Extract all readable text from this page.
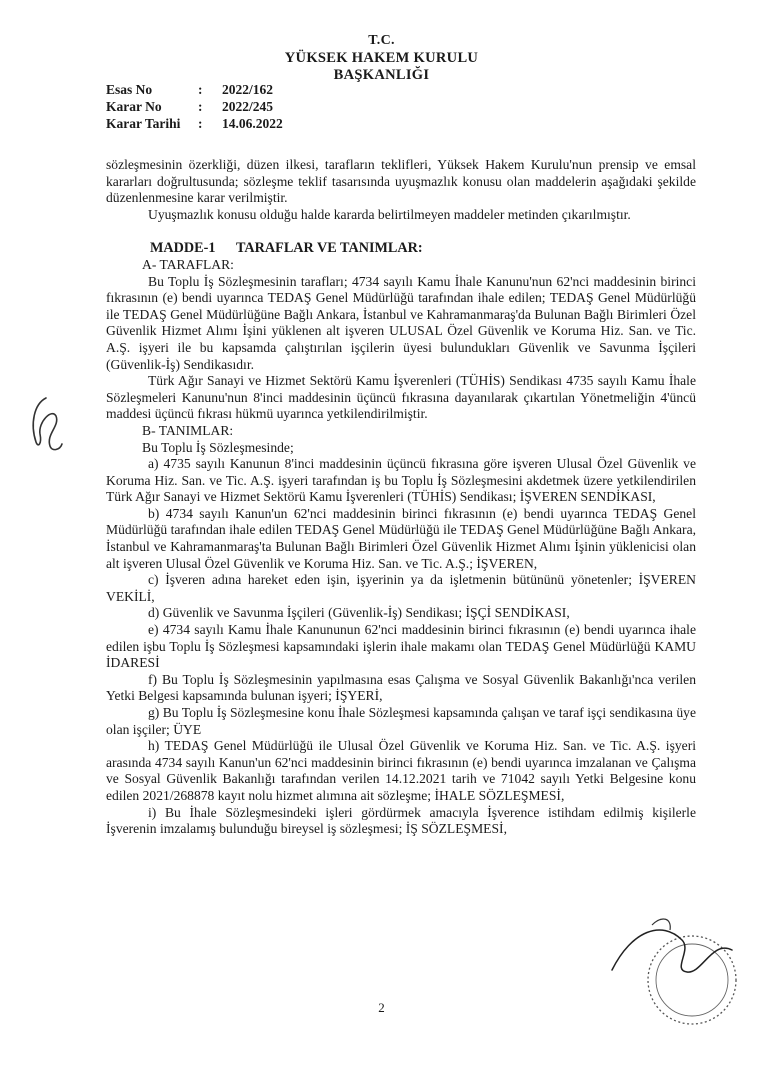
T.C.
YÜKSEK HAKEM KURULU
BAŞKANLIĞI
Esas No	: 2022/162
Karar No	: 2022/245
Karar Tarihi : 14.06.2022

sözleşmesinin özerkliği, düzen ilkesi, tarafların teklifleri, Yüksek Hakem Kurulu'nun prensip ve emsal kararları doğrultusunda; sözleşme teklif tasarısında uyuşmazlık konusu olan maddelerin aşağıdaki şekilde düzenlenmesine karar verilmiştir.

Uyuşmazlık konusu olduğu halde kararda belirtilmeyen maddeler metinden çıkarılmıştır.

MADDE-1 TARAFLAR VE TANIMLAR:

A- TARAFLAR:

Bu Toplu İş Sözleşmesinin tarafları; 4734 sayılı Kamu İhale Kanunu'nun 62'nci maddesinin birinci fıkrasının (e) bendi uyarınca TEDAŞ Genel Müdürlüğü tarafından ihale edilen; TEDAŞ Genel Müdürlüğü ile TEDAŞ Genel Müdürlüğüne Bağlı Ankara, İstanbul ve Kahramanmaraş'da Bulunan Bağlı Birimleri Özel Güvenlik Hizmet Alımı İşini yüklenen alt işveren ULUSAL Özel Güvenlik ve Koruma Hiz. San. ve Tic. A.Ş. işyeri ile bu kapsamda çalıştırılan işçilerin üyesi bulundukları Güvenlik ve Savunma İşçileri (Güvenlik-İş) Sendikasıdır.

Türk Ağır Sanayi ve Hizmet Sektörü Kamu İşverenleri (TÜHİS) Sendikası 4735 sayılı Kamu İhale Sözleşmeleri Kanunu'nun 8'inci maddesinin üçüncü fıkrasına dayanılarak çıkartılan Yönetmeliğin 4'üncü maddesi üçüncü fıkrası hükmü uyarınca yetkilendirilmiştir.

B- TANIMLAR:

Bu Toplu İş Sözleşmesinde;

a) 4735 sayılı Kanunun 8'inci maddesinin üçüncü fıkrasına göre işveren Ulusal Özel Güvenlik ve Koruma Hiz. San. ve Tic. A.Ş. işyeri tarafından iş bu Toplu İş Sözleşmesini akdetmek üzere yetkilendirilen Türk Ağır Sanayi ve Hizmet Sektörü Kamu İşverenleri (TÜHİS) Sendikası; İŞVEREN SENDİKASI,

b) 4734 sayılı Kanun'un 62'nci maddesinin birinci fıkrasının (e) bendi uyarınca TEDAŞ Genel Müdürlüğü tarafından ihale edilen TEDAŞ Genel Müdürlüğü ile TEDAŞ Genel Müdürlüğüne Bağlı Ankara, İstanbul ve Kahramanmaraş'ta Bulunan Bağlı Birimleri Özel Güvenlik Hizmet Alımı İşinin yüklenicisi olan alt işveren Ulusal Özel Güvenlik ve Koruma Hiz. San. ve Tic. A.Ş.; İŞVEREN,

c) İşveren adına hareket eden işin, işyerinin ya da işletmenin bütününü yönetenler; İŞVEREN VEKİLİ,

d) Güvenlik ve Savunma İşçileri (Güvenlik-İş) Sendikası; İŞÇİ SENDİKASI,

e) 4734 sayılı Kamu İhale Kanununun 62'nci maddesinin birinci fıkrasının (e) bendi uyarınca ihale edilen işbu Toplu İş Sözleşmesi kapsamındaki işlerin ihale makamı olan TEDAŞ Genel Müdürlüğü KAMU İDARESİ

f) Bu Toplu İş Sözleşmesinin yapılmasına esas Çalışma ve Sosyal Güvenlik Bakanlığı'nca verilen Yetki Belgesi kapsamında bulunan işyeri; İŞYERİ,

g) Bu Toplu İş Sözleşmesine konu İhale Sözleşmesi kapsamında çalışan ve taraf işçi sendikasına üye olan işçiler; ÜYE

h) TEDAŞ Genel Müdürlüğü ile Ulusal Özel Güvenlik ve Koruma Hiz. San. ve Tic. A.Ş. işyeri arasında 4734 sayılı Kanun'un 62'nci maddesinin birinci fıkrasının (e) bendi uyarınca imzalanan ve Çalışma ve Sosyal Güvenlik Bakanlığı tarafından verilen 14.12.2021 tarih ve 71042 sayılı Yetki Belgesine konu edilen 2021/268878 kayıt nolu hizmet alımına ait sözleşme; İHALE SÖZLEŞMESİ,

i) Bu İhale Sözleşmesindeki işleri gördürmek amacıyla İşverence istihdam edilmiş kişilerle İşverenin imzalamış bulunduğu bireysel iş sözleşmesi; İŞ SÖZLEŞMESİ,

2
